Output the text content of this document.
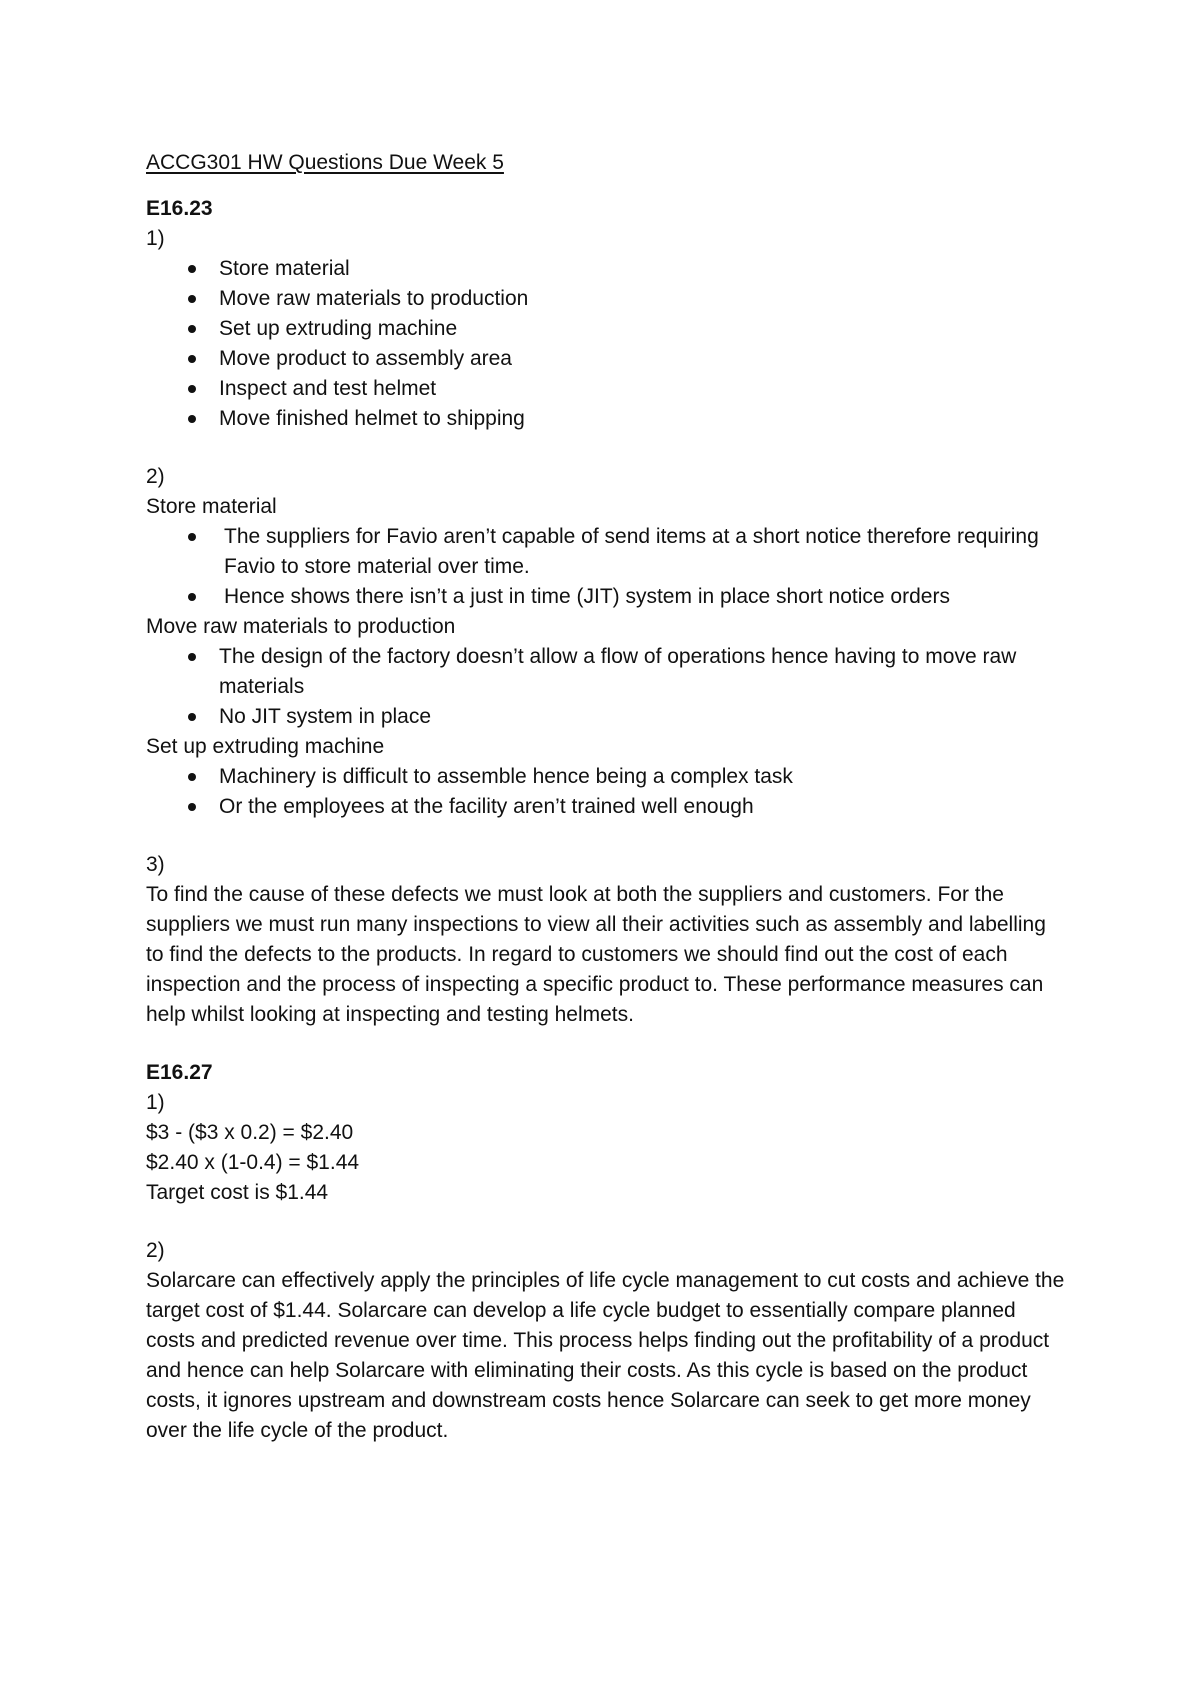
ACCG301 HW Questions Due Week 5

E16.23

1)

Store material
Move raw materials to production
Set up extruding machine
Move product to assembly area
Inspect and test helmet
Move finished helmet to shipping

2)

Store material

The suppliers for Favio aren’t capable of send items at a short notice therefore requiring Favio to store material over time.
Hence shows there isn’t a just in time (JIT) system in place short notice orders

Move raw materials to production

The design of the factory doesn’t allow a flow of operations hence having to move raw materials
No JIT system in place

Set up extruding machine

Machinery is difficult to assemble hence being a complex task
Or the employees at the facility aren’t trained well enough

3)

To find the cause of these defects we must look at both the suppliers and customers. For the suppliers we must run many inspections to view all their activities such as assembly and labelling to find the defects to the products. In regard to customers we should find out the cost of each inspection and the process of inspecting a specific product to. These performance measures can help whilst looking at inspecting and testing helmets.

E16.27

1)

$3 - ($3 x 0.2) = $2.40

$2.40 x (1-0.4) = $1.44

Target cost is $1.44

2)

Solarcare can effectively apply the principles of life cycle management to cut costs and achieve the target cost of $1.44. Solarcare can develop a life cycle budget to essentially compare planned costs and predicted revenue over time. This process helps finding out the profitability of a product and hence can help Solarcare with eliminating their costs. As this cycle is based on the product costs, it ignores upstream and downstream costs hence Solarcare can seek to get more money over the life cycle of the product.
